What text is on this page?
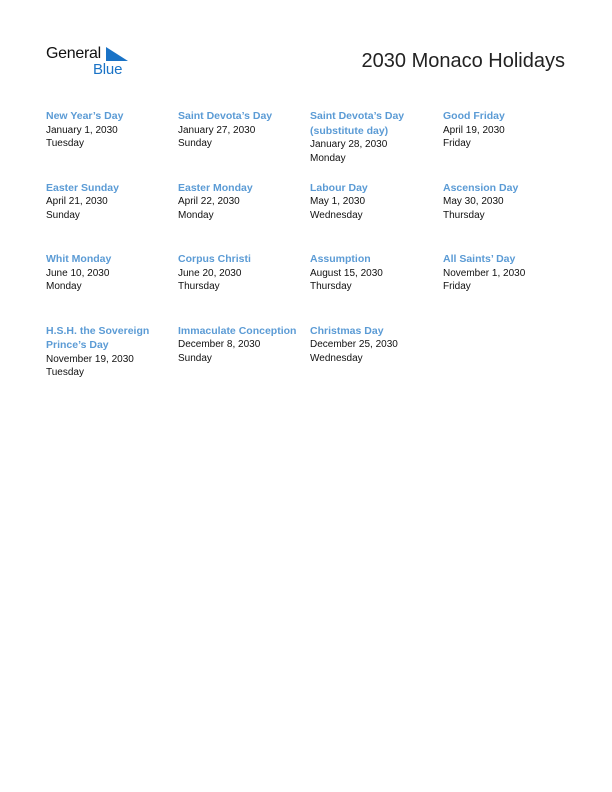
General
Blue	2030 Monaco Holidays
New Year’s Day
January 1, 2030
Tuesday
Saint Devota’s Day
January 27, 2030
Sunday
Saint Devota’s Day (substitute day)
January 28, 2030
Monday
Good Friday
April 19, 2030
Friday
Easter Sunday
April 21, 2030
Sunday
Easter Monday
April 22, 2030
Monday
Labour Day
May 1, 2030
Wednesday
Ascension Day
May 30, 2030
Thursday
Whit Monday
June 10, 2030
Monday
Corpus Christi
June 20, 2030
Thursday
Assumption
August 15, 2030
Thursday
All Saints’ Day
November 1, 2030
Friday
H.S.H. the Sovereign Prince’s Day
November 19, 2030
Tuesday
Immaculate Conception
December 8, 2030
Sunday
Christmas Day
December 25, 2030
Wednesday
